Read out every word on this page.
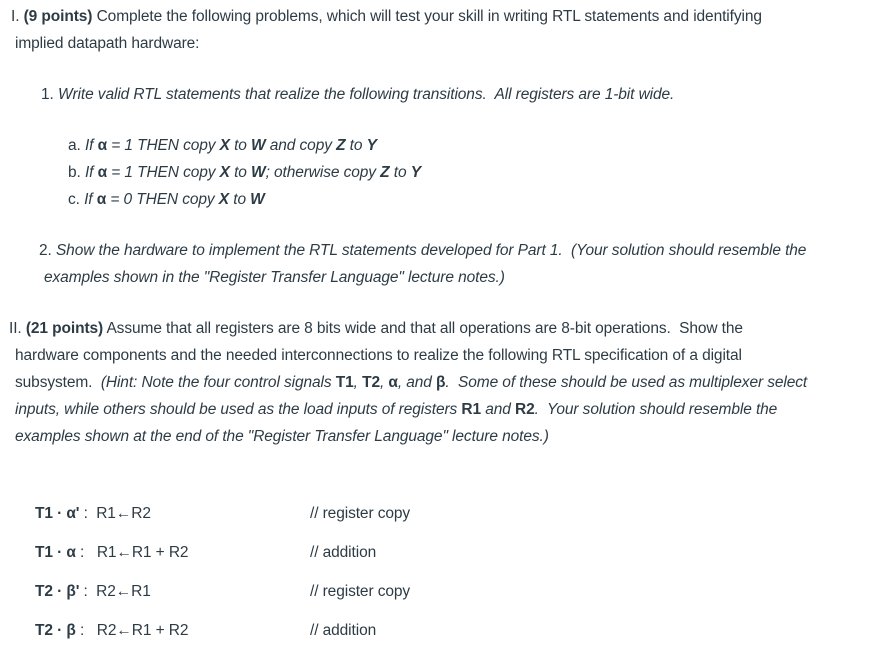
I. (9 points) Complete the following problems, which will test your skill in writing RTL statements and identifying
implied datapath hardware:
1. Write valid RTL statements that realize the following transitions.  All registers are 1-bit wide.
a. If α = 1 THEN copy X to W and copy Z to Y
b. If α = 1 THEN copy X to W; otherwise copy Z to Y
c. If α = 0 THEN copy X to W
2. Show the hardware to implement the RTL statements developed for Part 1.  (Your solution should resemble the
examples shown in the "Register Transfer Language" lecture notes.)
II. (21 points) Assume that all registers are 8 bits wide and that all operations are 8-bit operations.  Show the
hardware components and the needed interconnections to realize the following RTL specification of a digital
subsystem.  (Hint: Note the four control signals T1, T2, α, and β.  Some of these should be used as multiplexer select
inputs, while others should be used as the load inputs of registers R1 and R2.  Your solution should resemble the
examples shown at the end of the "Register Transfer Language" lecture notes.)
T1 · α' :  R1←R2	// register copy
T1 · α :   R1←R1 + R2	// addition
T2 · β' :  R2←R1	// register copy
T2 · β :   R2←R1 + R2	// addition
